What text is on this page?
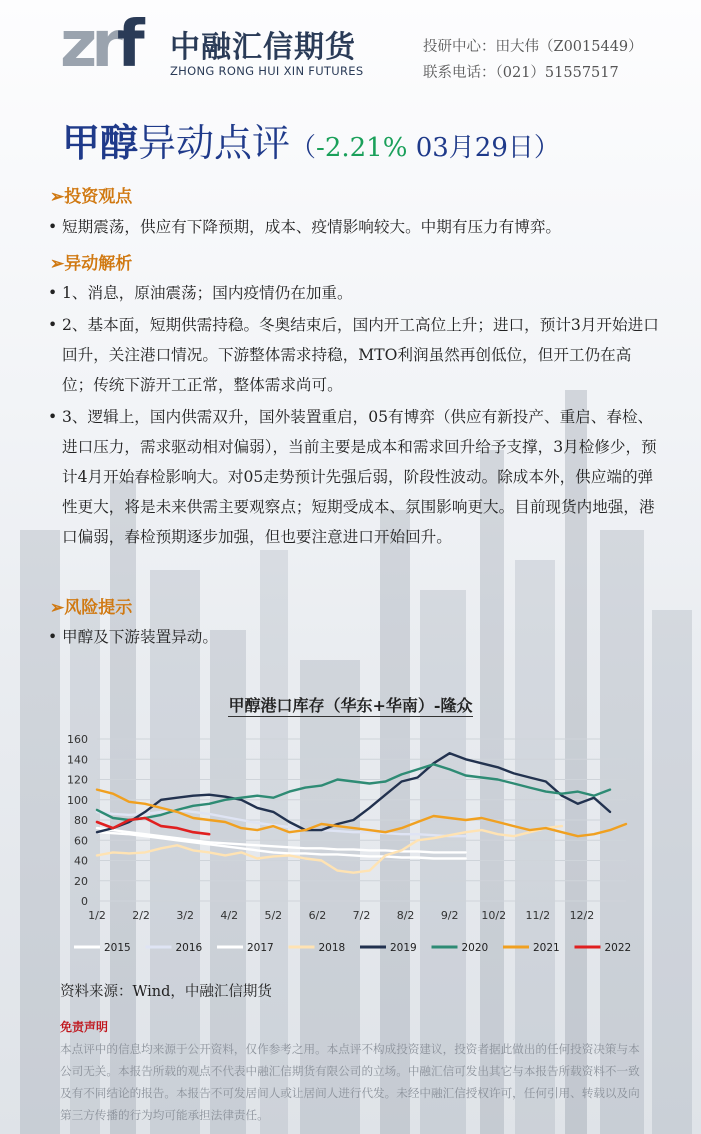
zrf 中融汇信期货
ZHONG RONG HUI XIN FUTURES
投研中心：田大伟（Z0015449）
联系电话：（021）51557517
甲醇异动点评（-2.21% 03月29日）
➢投资观点
• 短期震荡，供应有下降预期，成本、疫情影响较大。中期有压力有博弈。
➢异动解析
• 1、消息，原油震荡；国内疫情仍在加重。
• 2、基本面，短期供需持稳。冬奥结束后，国内开工高位上升；进口，预计3月开始进口回升，关注港口情况。下游整体需求持稳，MTO利润虽然再创低位，但开工仍在高位；传统下游开工正常，整体需求尚可。
• 3、逻辑上，国内供需双升，国外装置重启，05有博弈（供应有新投产、重启、春检、进口压力，需求驱动相对偏弱），当前主要是成本和需求回升给予支撑，3月检修少，预计4月开始春检影响大。对05走势预计先强后弱，阶段性波动。除成本外，供应端的弹性更大，将是未来供需主要观察点；短期受成本、氛围影响更大。目前现货内地强，港口偏弱，春检预期逐步加强，但也要注意进口开始回升。
➢风险提示
• 甲醇及下游装置异动。
甲醇港口库存（华东+华南）-隆众
160
140
120
100
80
60
40
20
0
1/2 2/2 3/2 4/2 5/2 6/2 7/2 8/2 9/2 10/2 11/2 12/2
2015	2016	2017	2018	2019	2020	2021	2022
资料来源：Wind，中融汇信期货
免责声明
本点评中的信息均来源于公开资料，仅作参考之用。本点评不构成投资建议，投资者据此做出的任何投资决策与本公司无关。本报告所载的观点不代表中融汇信期货有限公司的立场。中融汇信可发出其它与本报告所载资料不一致及有不同结论的报告。本报告不可发居间人或让居间人进行代发。未经中融汇信授权许可，任何引用、转载以及向第三方传播的行为均可能承担法律责任。
